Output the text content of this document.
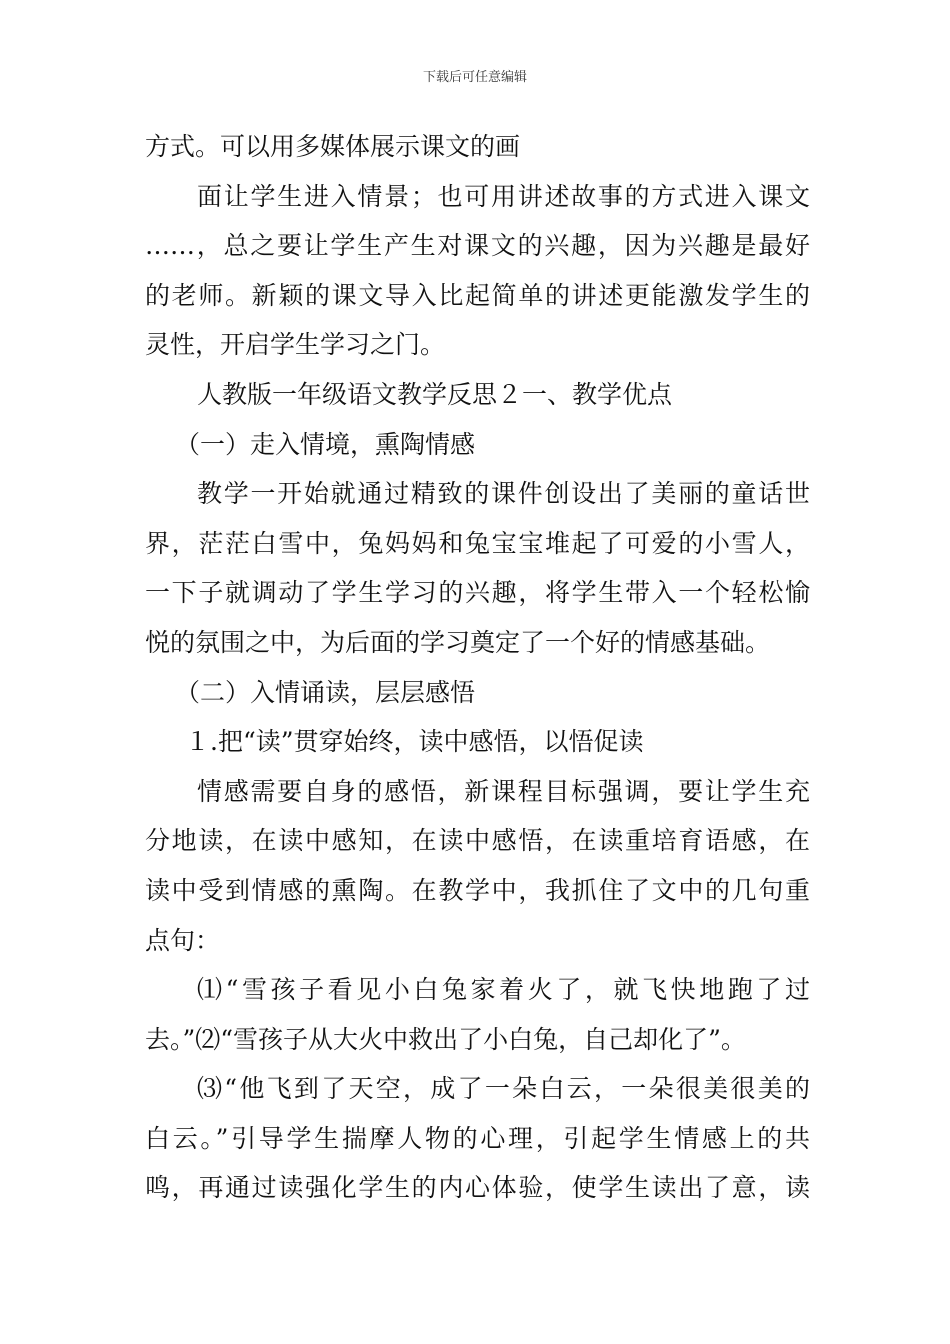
下载后可任意编辑
方式。可以用多媒体展示课文的画
面让学生进入情景；也可用讲述故事的方式进入课文
……，总之要让学生产生对课文的兴趣，因为兴趣是最好
的老师。新颖的课文导入比起简单的讲述更能激发学生的
灵性，开启学生学习之门。
人教版一年级语文教学反思２一、教学优点
（一）走入情境，熏陶情感
教学一开始就通过精致的课件创设出了美丽的童话世
界，茫茫白雪中，兔妈妈和兔宝宝堆起了可爱的小雪人，
一下子就调动了学生学习的兴趣，将学生带入一个轻松愉
悦的氛围之中，为后面的学习奠定了一个好的情感基础。
（二）入情诵读，层层感悟
１.把“读”贯穿始终，读中感悟，以悟促读
情感需要自身的感悟，新课程目标强调，要让学生充
分地读，在读中感知，在读中感悟，在读重培育语感，在
读中受到情感的熏陶。在教学中，我抓住了文中的几句重
点句：
⑴“雪孩子看见小白兔家着火了，就飞快地跑了过
去。”⑵“雪孩子从大火中救出了小白兔，自己却化了”。
⑶“他飞到了天空，成了一朵白云，一朵很美很美的
白云。”引导学生揣摩人物的心理，引起学生情感上的共
鸣，再通过读强化学生的内心体验，使学生读出了意，读
